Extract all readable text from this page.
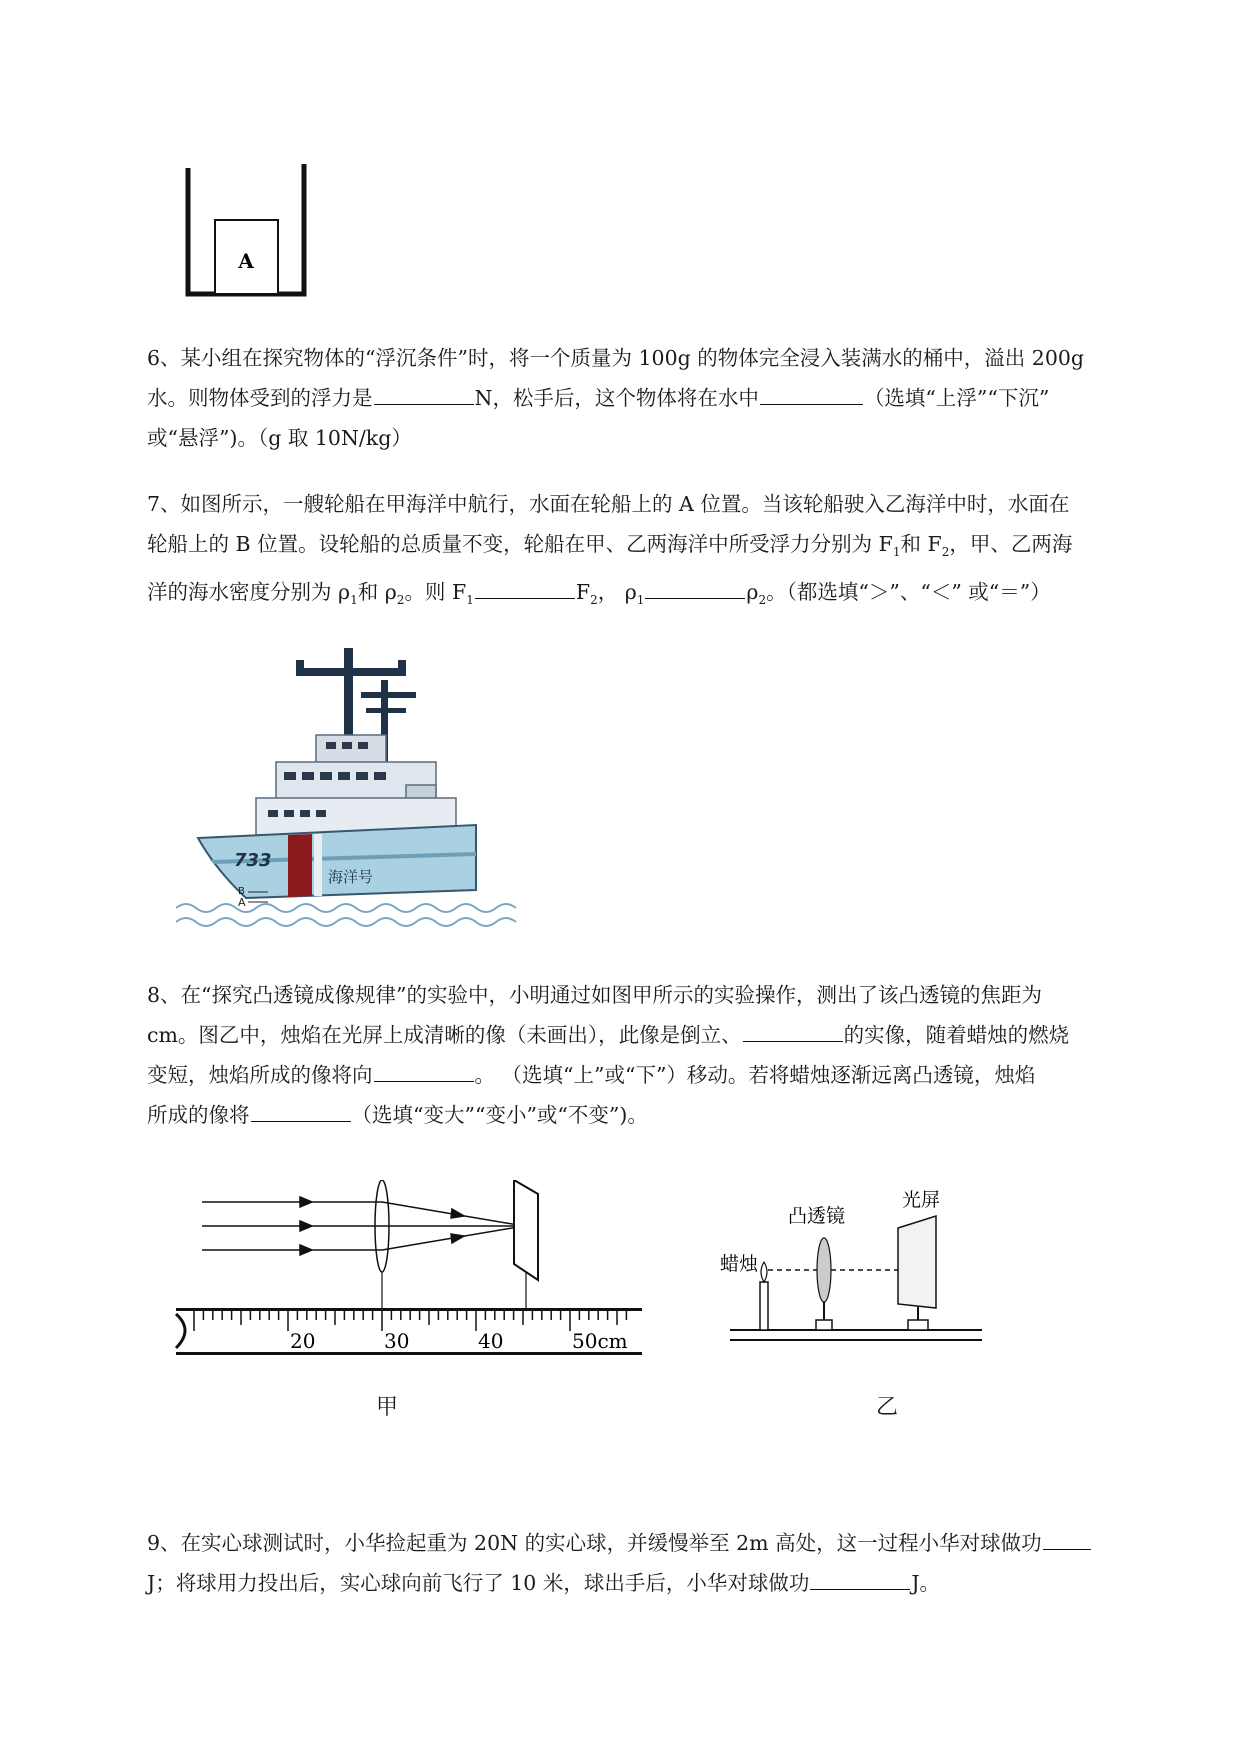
A
6、某小组在探究物体的“浮沉条件”时，将一个质量为 100g 的物体完全浸入装满水的桶中，溢出 200g
水。则物体受到的浮力是	N，松手后，这个物体将在水中	（选填“上浮”“下沉”
或“悬浮”)。（g 取 10N/kg）
7、如图所示，一艘轮船在甲海洋中航行，水面在轮船上的 A 位置。当该轮船驶入乙海洋中时，水面在
轮船上的 B 位置。设轮船的总质量不变，轮船在甲、乙两海洋中所受浮力分别为 $F_1$和 $F_2$，甲、乙两海
洋的海水密度分别为 $\rho_1$和 $\rho_2$。则 $F_1$	$F_2$， $\rho_1$	$\rho_2$。（都选填“＞”、“＜” 或“＝”）
733
海洋号
B
A
8、在“探究凸透镜成像规律”的实验中，小明通过如图甲所示的实验操作，测出了该凸透镜的焦距为
cm。图乙中，烛焰在光屏上成清晰的像（未画出），此像是倒立、	的实像，随着蜡烛的燃烧
变短，烛焰所成的像将向	。 （选填“上”或“下”）移动。若将蜡烛逐渐远离凸透镜，烛焰
所成的像将	（选填“变大”“变小”或“不变”)。
20	30	40	50cm
甲
蜡烛
凸透镜
光屏
乙
9、在实心球测试时，小华捡起重为 20N 的实心球，并缓慢举至 2m 高处，这一过程小华对球做功
J；将球用力投出后，实心球向前飞行了 10 米，球出手后，小华对球做功	J。
